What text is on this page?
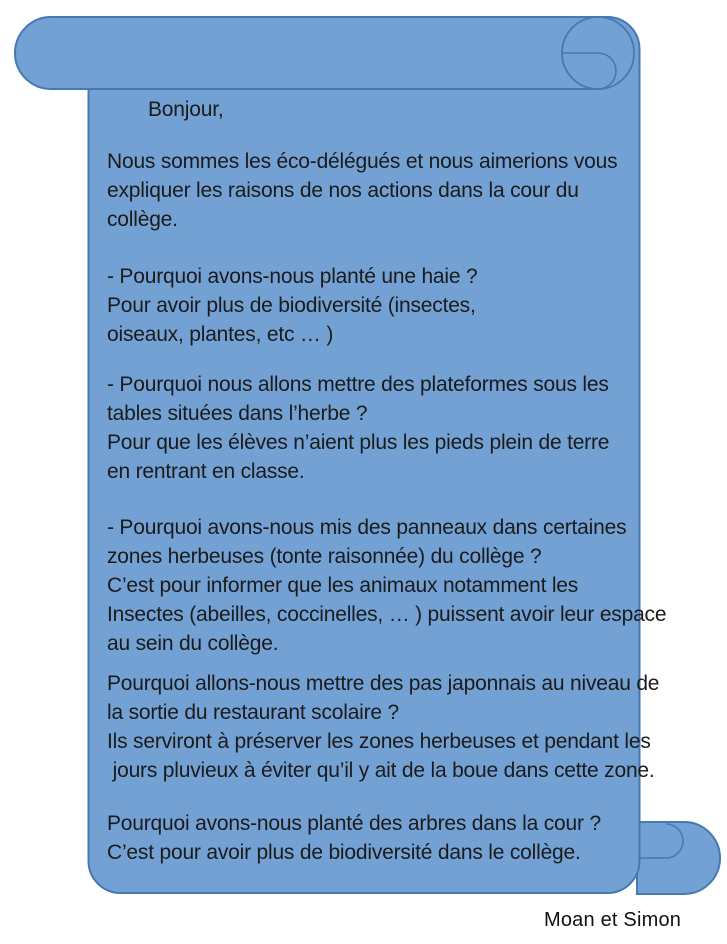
Bonjour,
Nous sommes les éco-délégués et nous aimerions vous
expliquer les raisons de nos actions dans la cour du
collège.
- Pourquoi avons-nous planté une haie ?
Pour avoir plus de biodiversité (insectes,
oiseaux, plantes, etc … )
- Pourquoi nous allons mettre des plateformes sous les
tables situées dans l’herbe ?
Pour que les élèves n’aient plus les pieds plein de terre
en rentrant en classe.
- Pourquoi avons-nous mis des panneaux dans certaines
zones herbeuses (tonte raisonnée) du collège ?
C’est pour informer que les animaux notamment les
Insectes (abeilles, coccinelles, … ) puissent avoir leur espace
au sein du collège.
Pourquoi allons-nous mettre des pas japonnais au niveau de
la sortie du restaurant scolaire ?
Ils serviront à préserver les zones herbeuses et pendant les
jours pluvieux à éviter qu’il y ait de la boue dans cette zone.
Pourquoi avons-nous planté des arbres dans la cour ?
C’est pour avoir plus de biodiversité dans le collège.
Moan et Simon
